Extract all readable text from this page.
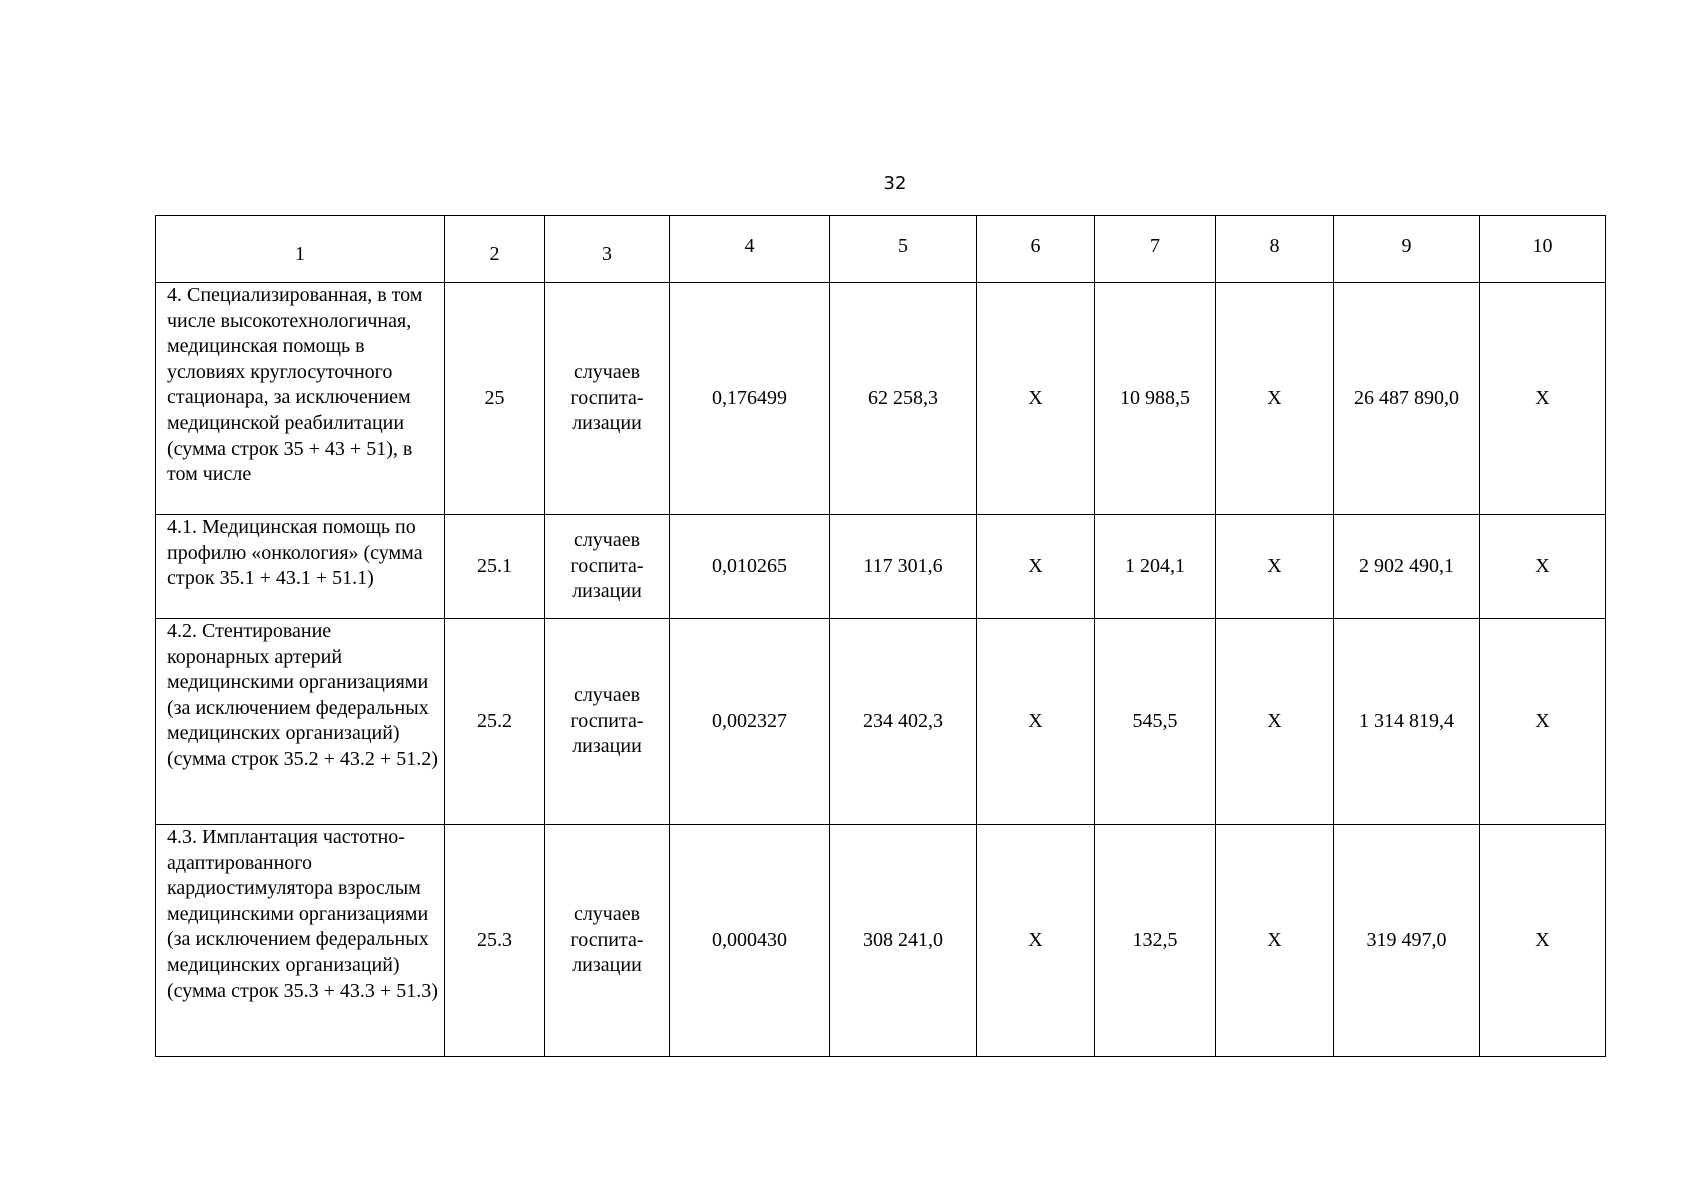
32
1	2	3	4	5	6	7	8	9	10
4. Специализированная, в том числе высокотехнологичная, медицинская помощь в условиях круглосуточного стационара, за исключением медицинской реабилитации (сумма строк 35 + 43 + 51), в том числе	25	случаев
госпита-
лизации	0,176499	62 258,3	Х	10 988,5	Х	26 487 890,0	Х
4.1. Медицинская помощь по профилю «онкология» (сумма строк 35.1 + 43.1 + 51.1)	25.1	случаев
госпита-
лизации	0,010265	117 301,6	Х	1 204,1	Х	2 902 490,1	Х
4.2. Стентирование коронарных артерий медицинскими организациями (за исключением федеральных медицинских организаций) (сумма строк 35.2 + 43.2 + 51.2)	25.2	случаев
госпита-
лизации	0,002327	234 402,3	Х	545,5	Х	1 314 819,4	Х
4.3. Имплантация частотно-адаптированного кардиостимулятора взрослым медицинскими организациями (за исключением федеральных медицинских организаций) (сумма строк 35.3 + 43.3 + 51.3)	25.3	случаев
госпита-
лизации	0,000430	308 241,0	Х	132,5	Х	319 497,0	Х
